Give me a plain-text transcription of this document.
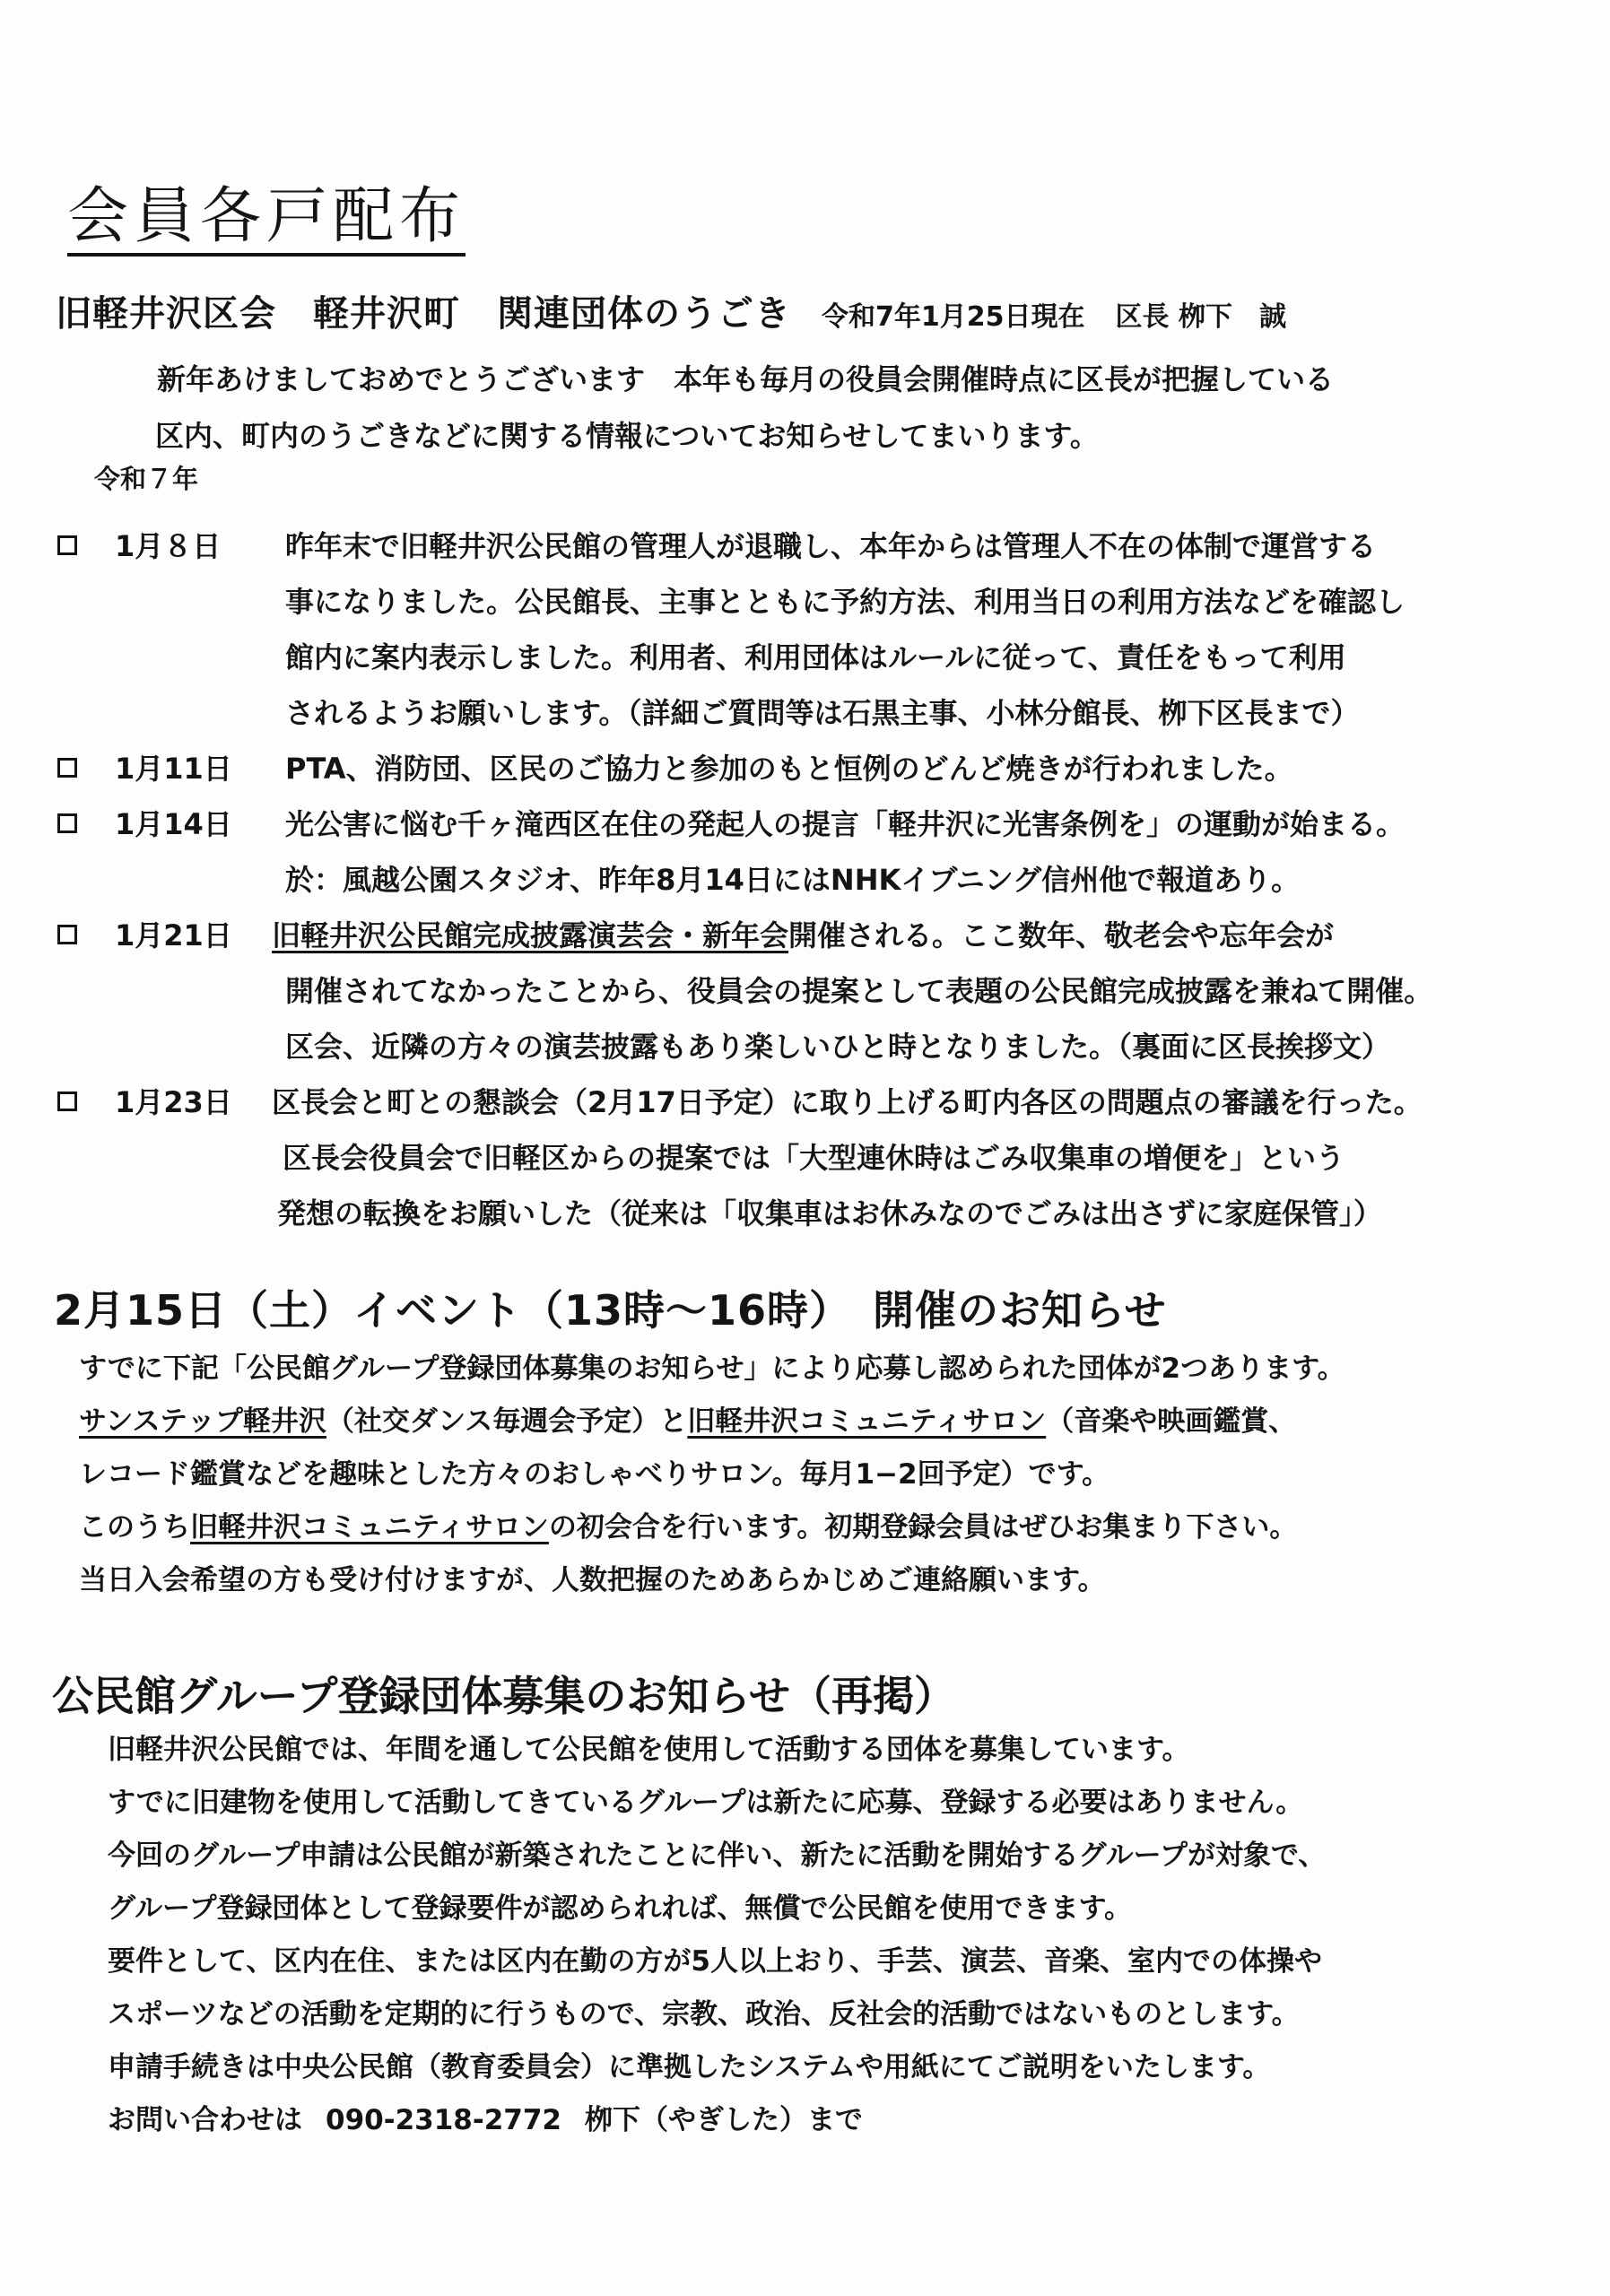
会員各戸配布
旧軽井沢区会　軽井沢町　関連団体のうごき 令和7年1月25日現在 区長 栁下　誠
新年あけましておめでとうございます　本年も毎月の役員会開催時点に区長が把握している
区内、町内のうごきなどに関する情報についてお知らせしてまいります。
令和７年
1月８日 昨年末で旧軽井沢公民館の管理人が退職し、本年からは管理人不在の体制で運営する

事になりました。公民館長、主事とともに予約方法、利用当日の利用方法などを確認し

館内に案内表示しました。利用者、利用団体はルールに従って、責任をもって利用

されるようお願いします。（詳細ご質問等は石黒主事、小林分館長、栁下区長まで）

1月11日 PTA、消防団、区民のご協力と参加のもと恒例のどんど焼きが行われました。

1月14日 光公害に悩む千ヶ滝西区在住の発起人の提言「軽井沢に光害条例を」の運動が始まる。

於：風越公園スタジオ、昨年8月14日にはNHKイブニング信州他で報道あり。

1月21日 旧軽井沢公民館完成披露演芸会・新年会開催される。ここ数年、敬老会や忘年会が

開催されてなかったことから、役員会の提案として表題の公民館完成披露を兼ねて開催。

区会、近隣の方々の演芸披露もあり楽しいひと時となりました。（裏面に区長挨拶文）

1月23日 区長会と町との懇談会（2月17日予定）に取り上げる町内各区の問題点の審議を行った。

区長会役員会で旧軽区からの提案では「大型連休時はごみ収集車の増便を」という

発想の転換をお願いした（従来は「収集車はお休みなのでごみは出さずに家庭保管」）

2月15日（土）イベント（13時〜16時）　開催のお知らせ

すでに下記「公民館グループ登録団体募集のお知らせ」により応募し認められた団体が2つあります。

サンステップ軽井沢（社交ダンス毎週会予定）と旧軽井沢コミュニティサロン（音楽や映画鑑賞、

レコード鑑賞などを趣味とした方々のおしゃべりサロン。毎月1−2回予定）です。

このうち旧軽井沢コミュニティサロンの初会合を行います。初期登録会員はぜひお集まり下さい。

当日入会希望の方も受け付けますが、人数把握のためあらかじめご連絡願います。

公民館グループ登録団体募集のお知らせ（再掲）

旧軽井沢公民館では、年間を通して公民館を使用して活動する団体を募集しています。

すでに旧建物を使用して活動してきているグループは新たに応募、登録する必要はありません。

今回のグループ申請は公民館が新築されたことに伴い、新たに活動を開始するグループが対象で、

グループ登録団体として登録要件が認められれば、無償で公民館を使用できます。

要件として、区内在住、または区内在勤の方が5人以上おり、手芸、演芸、音楽、室内での体操や

スポーツなどの活動を定期的に行うもので、宗教、政治、反社会的活動ではないものとします。

申請手続きは中央公民館（教育委員会）に準拠したシステムや用紙にてご説明をいたします。

お問い合わせは 090-2318-2772 栁下（やぎした）まで
